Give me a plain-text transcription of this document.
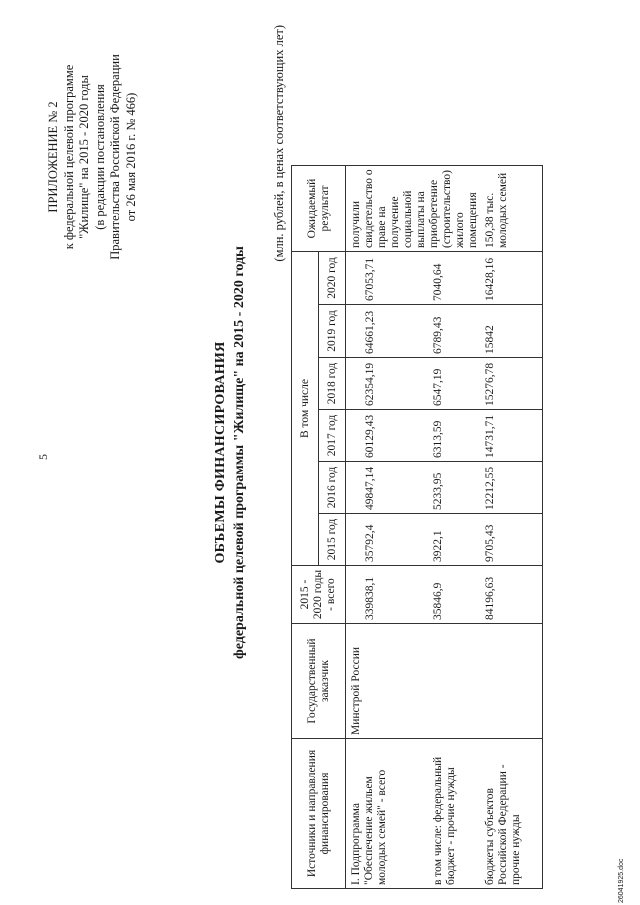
5
ПРИЛОЖЕНИЕ № 2 к федеральной целевой программе "Жилище" на 2015 - 2020 годы (в редакции постановления Правительства Российской Федерации от 26 мая 2016 г. № 466)
ОБЪЕМЫ ФИНАНСИРОВАНИЯ федеральной целевой программы "Жилище" на 2015 - 2020 годы
(млн. рублей, в ценах соответствующих лет)
Источники и направления финансирования	Государственный заказчик	2015 - 2020 годы - всего	В том числе						Ожидаемый результат
			2015 год	2016 год	2017 год	2018 год	2019 год	2020 год	
I. Подпрограмма "Обеспечение жильем молодых семей" - всего	Минстрой России	339838,1	35792,4	49847,14	60129,43	62354,19	64661,23	67053,71	получили свидетельство о праве на получение социальной выплаты на приобретение (строительство) жилого помещения
в том числе: федеральный бюджет - прочие нужды		35846,9	3922,1	5233,95	6313,59	6547,19	6789,43	7040,64	
бюджеты субъектов Российской Федерации - прочие нужды		84196,63	9705,43	12212,55	14731,71	15276,78	15842	16428,16	150,38 тыс. молодых семей
26041925.doc
